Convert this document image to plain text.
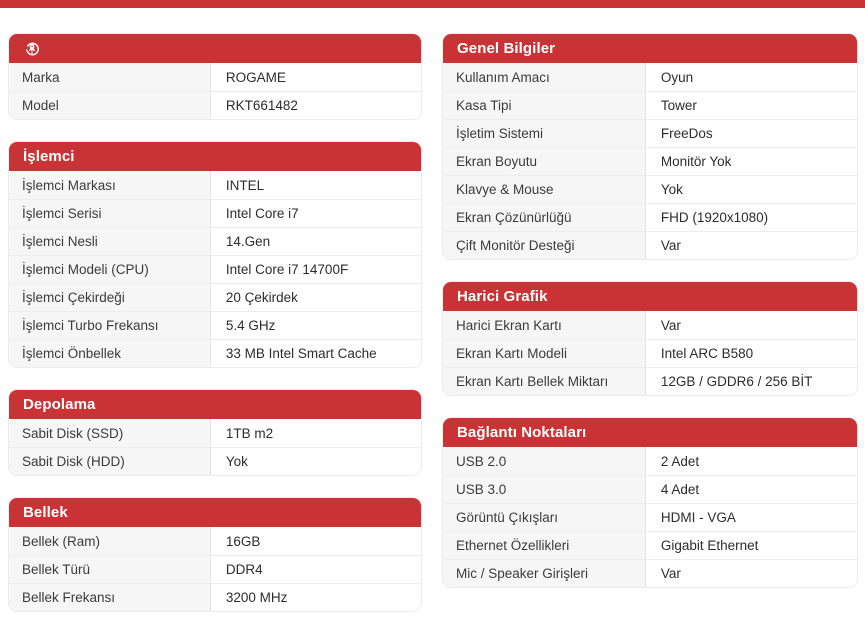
Marka	ROGAME
Model	RKT661482
İşlemci
İşlemci Markası	INTEL
İşlemci Serisi	Intel Core i7
İşlemci Nesli	14.Gen
İşlemci Modeli (CPU)	Intel Core i7 14700F
İşlemci Çekirdeği	20 Çekirdek
İşlemci Turbo Frekansı	5.4 GHz
İşlemci Önbellek	33 MB Intel Smart Cache
Depolama
Sabit Disk (SSD)	1TB m2
Sabit Disk (HDD)	Yok
Bellek
Bellek (Ram)	16GB
Bellek Türü	DDR4
Bellek Frekansı	3200 MHz
Genel Bilgiler
Kullanım Amacı	Oyun
Kasa Tipi	Tower
İşletim Sistemi	FreeDos
Ekran Boyutu	Monitör Yok
Klavye & Mouse	Yok
Ekran Çözünürlüğü	FHD (1920x1080)
Çift Monitör Desteği	Var
Harici Grafik
Harici Ekran Kartı	Var
Ekran Kartı Modeli	Intel ARC B580
Ekran Kartı Bellek Miktarı	12GB / GDDR6 / 256 BİT
Bağlantı Noktaları
USB 2.0	2 Adet
USB 3.0	4 Adet
Görüntü Çıkışları	HDMI - VGA
Ethernet Özellikleri	Gigabit Ethernet
Mic / Speaker Girişleri	Var
